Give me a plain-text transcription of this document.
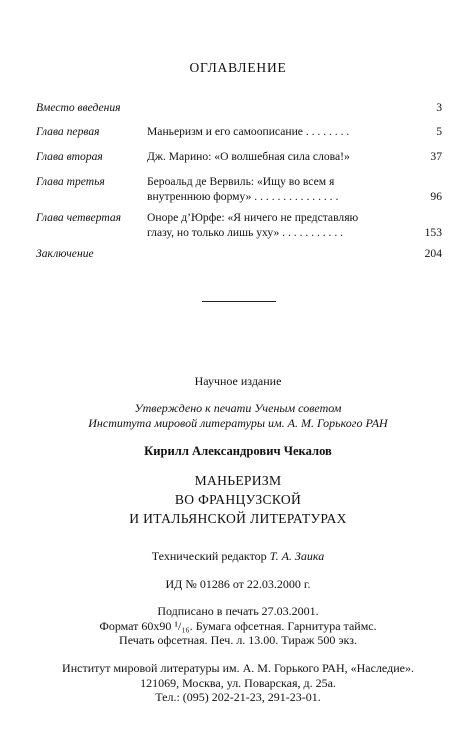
ОГЛАВЛЕНИЕ
Вместо введения	3
Глава первая	Маньеризм и его самоописание . . . . . . . .	5
Глава вторая	Дж. Марино: «О волшебная сила слова!»	37
Глава третья	Бероальд де Вервиль: «Ищу во всем я
внутреннюю форму» . . . . . . . . . . . . . . .	96
Глава четвертая Оноре д’Юрфе: «Я ничего не представляю
глазу, но только лишь уху» . . . . . . . . . . .	153
Заключение	204
Научное издание
Утверждено к печати Ученым советом
Института мировой литературы им. А. М. Горького РАН
Кирилл Александрович Чекалов
МАНЬЕРИЗМ
ВО ФРАНЦУЗСКОЙ
И ИТАЛЬЯНСКОЙ ЛИТЕРАТУРАХ
Технический редактор Т. А. Заика
ИД № 01286 от 22.03.2000 г.
Подписано в печать 27.03.2001.
Формат 60х90 ¹/₁₆. Бумага офсетная. Гарнитура таймс.
Печать офсетная. Печ. л. 13.00. Тираж 500 экз.
Институт мировой литературы им. А. М. Горького РАН, «Наследие».
121069, Москва, ул. Поварская, д. 25а.
Тел.: (095) 202-21-23, 291-23-01.
